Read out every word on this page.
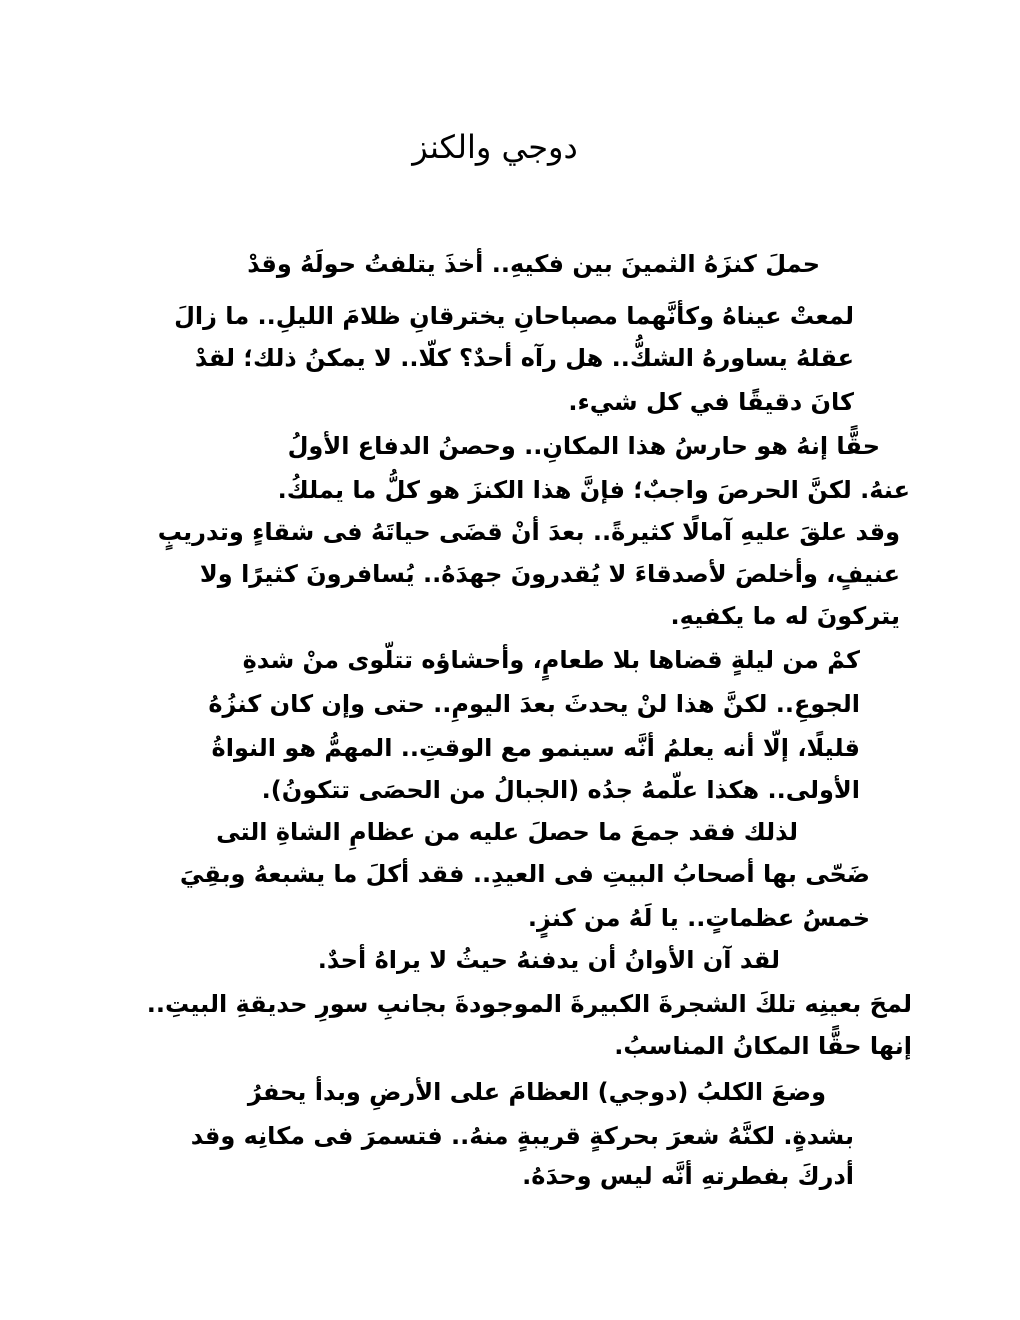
دوجي والكنز
حملَ كنزَهُ الثمينَ بين فكيهِ.. أخذَ يتلفتُ حولَهُ وقدْ
لمعتْ عيناهُ وكأنَّهما مصباحانِ يخترقانِ ظلامَ الليلِ.. ما زالَ
عقلهُ يساورهُ الشكُّ.. هل رآه أحدٌ؟ كلّا.. لا يمكنُ ذلك؛ لقدْ
كانَ دقيقًا في كل شيء.
حقًّا إنهُ هو حارسُ هذا المكانِ.. وحصنُ الدفاع الأولُ
عنهُ. لكنَّ الحرصَ واجبٌ؛ فإنَّ هذا الكنزَ هو كلُّ ما يملكُ.
وقد علقَ عليهِ آمالًا كثيرةً.. بعدَ أنْ قضَى حياتَهُ فى شقاءٍ وتدريبٍ
عنيفٍ، وأخلصَ لأصدقاءَ لا يُقدرونَ جهدَهُ.. يُسافرونَ كثيرًا ولا
يتركونَ له ما يكفيهِ.
كمْ من ليلةٍ قضاها بلا طعامٍ، وأحشاؤه تتلّوى منْ شدةِ
الجوعِ.. لكنَّ هذا لنْ يحدثَ بعدَ اليومِ.. حتى وإن كان كنزُهُ
قليلًا، إلّا أنه يعلمُ أنَّه سينمو مع الوقتِ.. المهمُّ هو النواةُ
الأولى.. هكذا علّمهُ جدُه (الجبالُ من الحصَى تتكونُ).
لذلك فقد جمعَ ما حصلَ عليه من عظامِ الشاةِ التى
ضَحّى بها أصحابُ البيتِ فى العيدِ.. فقد أكلَ ما يشبعهُ وبقِيَ
خمسُ عظماتٍ.. يا لَهُ من كنزٍ.
لقد آن الأوانُ أن يدفنهُ حيثُ لا يراهُ أحدٌ.
لمحَ بعينِه تلكَ الشجرةَ الكبيرةَ الموجودةَ بجانبِ سورِ حديقةِ البيتِ..
إنها حقًّا المكانُ المناسبُ.
وضعَ الكلبُ (دوجي) العظامَ على الأرضِ وبدأ يحفرُ
بشدةٍ. لكنَّهُ شعرَ بحركةٍ قريبةٍ منهُ.. فتسمرَ فى مكانِه وقد
أدركَ بفطرتهِ أنَّه ليس وحدَهُ.
